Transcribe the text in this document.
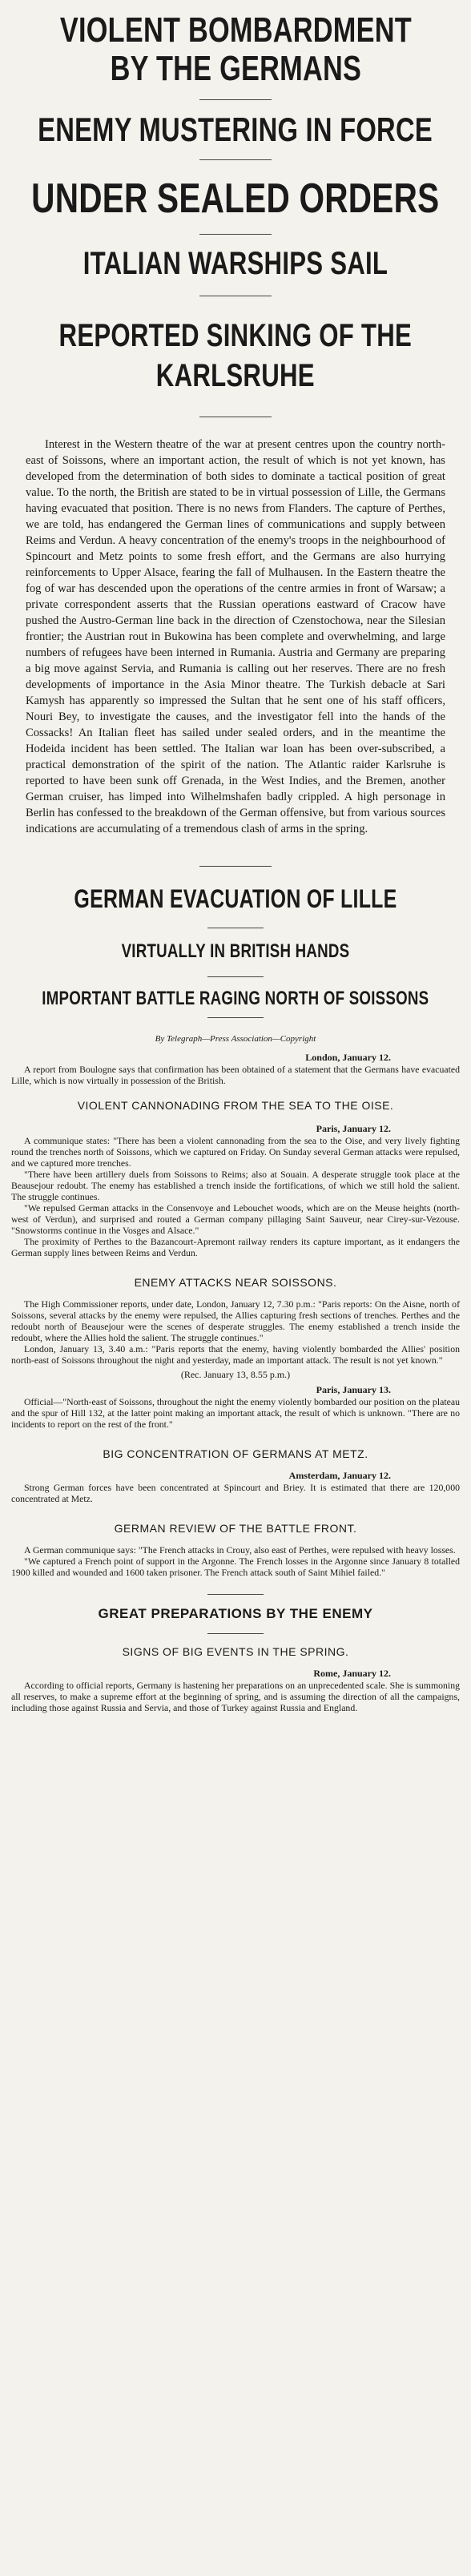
VIOLENT BOMBARDMENT BY THE GERMANS
ENEMY MUSTERING IN FORCE
UNDER SEALED ORDERS
ITALIAN WARSHIPS SAIL
REPORTED SINKING OF THE KARLSRUHE

Interest in the Western theatre of the war at present centres upon the country north-east of Soissons, where an important action, the result of which is not yet known, has developed from the determination of both sides to dominate a tactical position of great value. To the north, the British are stated to be in virtual possession of Lille, the Germans having evacuated that position. There is no news from Flanders. The capture of Perthes, we are told, has endangered the German lines of communications and supply between Reims and Verdun. A heavy concentration of the enemy's troops in the neighbourhood of Spincourt and Metz points to some fresh effort, and the Germans are also hurrying reinforcements to Upper Alsace, fearing the fall of Mulhausen. In the Eastern theatre the fog of war has descended upon the operations of the centre armies in front of Warsaw; a private correspondent asserts that the Russian operations eastward of Cracow have pushed the Austro-German line back in the direction of Czenstochowa, near the Silesian frontier; the Austrian rout in Bukowina has been complete and overwhelming, and large numbers of refugees have been interned in Rumania. Austria and Germany are preparing a big move against Servia, and Rumania is calling out her reserves. There are no fresh developments of importance in the Asia Minor theatre. The Turkish debacle at Sari Kamysh has apparently so impressed the Sultan that he sent one of his staff officers, Nouri Bey, to investigate the causes, and the investigator fell into the hands of the Cossacks! An Italian fleet has sailed under sealed orders, and in the meantime the Hodeida incident has been settled. The Italian war loan has been over-subscribed, a practical demonstration of the spirit of the nation. The Atlantic raider Karlsruhe is reported to have been sunk off Grenada, in the West Indies, and the Bremen, another German cruiser, has limped into Wilhelmshafen badly crippled. A high personage in Berlin has confessed to the breakdown of the German offensive, but from various sources indications are accumulating of a tremendous clash of arms in the spring.

GERMAN EVACUATION OF LILLE
VIRTUALLY IN BRITISH HANDS
IMPORTANT BATTLE RAGING NORTH OF SOISSONS
By Telegraph—Press Association—Copyright
London, January 12.

A report from Boulogne says that confirmation has been obtained of a statement that the Germans have evacuated Lille, which is now virtually in possession of the British.

VIOLENT CANNONADING FROM THE SEA TO THE OISE.
Paris, January 12.

A communique states: "There has been a violent cannonading from the sea to the Oise, and very lively fighting round the trenches north of Soissons, which we captured on Friday. On Sunday several German attacks were repulsed, and we captured more trenches.

"There have been artillery duels from Soissons to Reims; also at Souain. A desperate struggle took place at the Beausejour redoubt. The enemy has established a trench inside the fortifications, of which we still hold the salient. The struggle continues.

"We repulsed German attacks in the Consenvoye and Lebouchet woods, which are on the Meuse heights (north-west of Verdun), and surprised and routed a German company pillaging Saint Sauveur, near Cirey-sur-Vezouse. "Snowstorms continue in the Vosges and Alsace."

The proximity of Perthes to the Bazancourt-Apremont railway renders its capture important, as it endangers the German supply lines between Reims and Verdun.

ENEMY ATTACKS NEAR SOISSONS.

The High Commissioner reports, under date, London, January 12, 7.30 p.m.: "Paris reports: On the Aisne, north of Soissons, several attacks by the enemy were repulsed, the Allies capturing fresh sections of trenches. Perthes and the redoubt north of Beausejour were the scenes of desperate struggles. The enemy established a trench inside the redoubt, where the Allies hold the salient. The struggle continues."

London, January 13, 3.40 a.m.: "Paris reports that the enemy, having violently bombarded the Allies' position north-east of Soissons throughout the night and yesterday, made an important attack. The result is not yet known."

(Rec. January 13, 8.55 p.m.)
Paris, January 13.

Official—"North-east of Soissons, throughout the night the enemy violently bombarded our position on the plateau and the spur of Hill 132, at the latter point making an important attack, the result of which is unknown. "There are no incidents to report on the rest of the front."

BIG CONCENTRATION OF GERMANS AT METZ.
Amsterdam, January 12.

Strong German forces have been concentrated at Spincourt and Briey. It is estimated that there are 120,000 concentrated at Metz.

GERMAN REVIEW OF THE BATTLE FRONT.

A German communique says: "The French attacks in Crouy, also east of Perthes, were repulsed with heavy losses.

"We captured a French point of support in the Argonne. The French losses in the Argonne since January 8 totalled 1900 killed and wounded and 1600 taken prisoner. The French attack south of Saint Mihiel failed."

GREAT PREPARATIONS BY THE ENEMY
SIGNS OF BIG EVENTS IN THE SPRING.
Rome, January 12.

According to official reports, Germany is hastening her preparations on an unprecedented scale. She is summoning all reserves, to make a supreme effort at the beginning of spring, and is assuming the direction of all the campaigns, including those against Russia and Servia, and those of Turkey against Russia and England.
